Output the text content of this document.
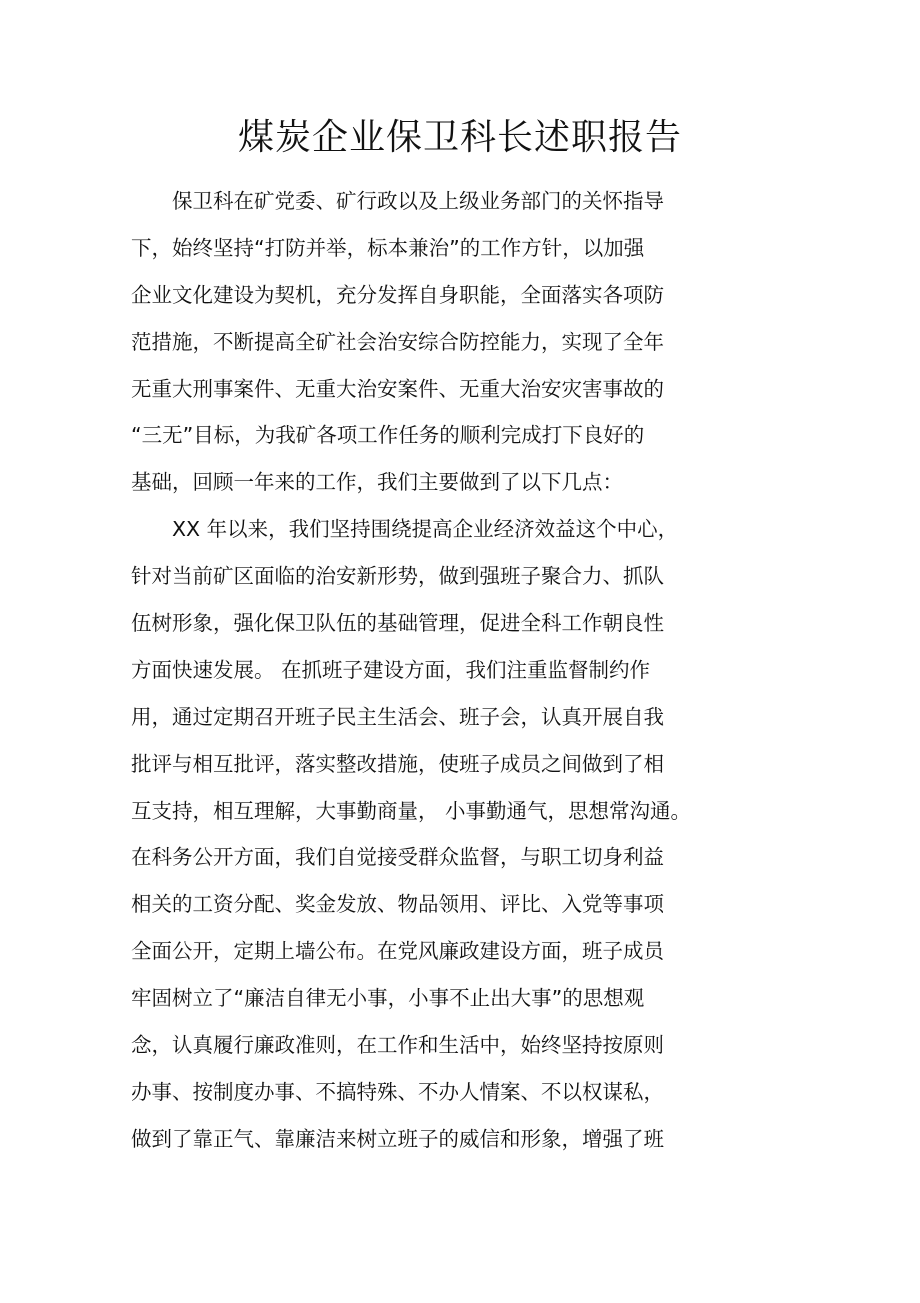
煤炭企业保卫科长述职报告
　　保卫科在矿党委、矿行政以及上级业务部门的关怀指导
下，始终坚持“打防并举，标本兼治”的工作方针，以加强
企业文化建设为契机，充分发挥自身职能，全面落实各项防
范措施，不断提高全矿社会治安综合防控能力，实现了全年
无重大刑事案件、无重大治安案件、无重大治安灾害事故的
“三无”目标，为我矿各项工作任务的顺利完成打下良好的
基础，回顾一年来的工作，我们主要做到了以下几点：
　　XX 年以来，我们坚持围绕提高企业经济效益这个中心，
针对当前矿区面临的治安新形势，做到强班子聚合力、抓队
伍树形象，强化保卫队伍的基础管理，促进全科工作朝良性
方面快速发展。 在抓班子建设方面，我们注重监督制约作
用，通过定期召开班子民主生活会、班子会，认真开展自我
批评与相互批评，落实整改措施，使班子成员之间做到了相
互支持，相互理解，大事勤商量， 小事勤通气，思想常沟通。
在科务公开方面，我们自觉接受群众监督，与职工切身利益
相关的工资分配、奖金发放、物品领用、评比、入党等事项
全面公开，定期上墙公布。在党风廉政建设方面，班子成员
牢固树立了“廉洁自律无小事，小事不止出大事”的思想观
念，认真履行廉政准则，在工作和生活中，始终坚持按原则
办事、按制度办事、不搞特殊、不办人情案、不以权谋私，
做到了靠正气、靠廉洁来树立班子的威信和形象，增强了班
